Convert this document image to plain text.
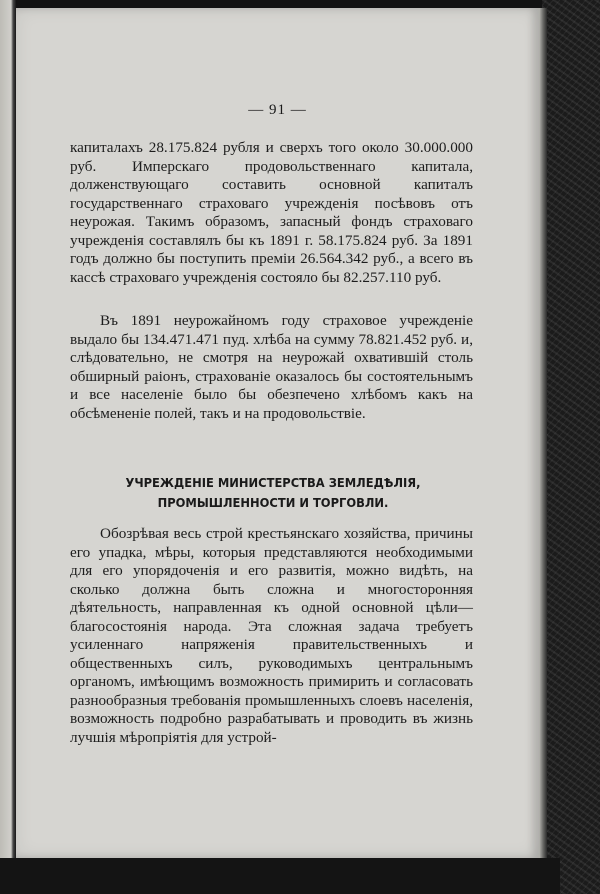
— 91 —

капиталахъ 28.175.824 рубля и сверхъ того около 30.000.000 руб. Имперскаго продовольственнаго капитала, долженствующаго составить основной капиталъ государственнаго страховаго учрежденія посѣвовъ отъ неурожая. Такимъ образомъ, запасный фондъ страховаго учрежденія составлялъ бы къ 1891 г. 58.175.824 руб. За 1891 годъ должно бы поступить преміи 26.564.342 руб., а всего въ кассѣ страховаго учрежденія состояло бы 82.257.110 руб.

Въ 1891 неурожайномъ году страховое учрежденіе выдало бы 134.471.471 пуд. хлѣба на сумму 78.821.452 руб. и, слѣдовательно, не смотря на неурожай охватившій столь обширный раіонъ, страхованіе оказалось бы состоятельнымъ и все населеніе было бы обезпечено хлѣбомъ какъ на обсѣмененіе полей, такъ и на продовольствіе.

УЧРЕЖДЕНІЕ МИНИСТЕРСТВА ЗЕМЛЕДѢЛІЯ, ПРОМЫШЛЕННОСТИ И ТОРГОВЛИ.

Обозрѣвая весь строй крестьянскаго хозяйства, причины его упадка, мѣры, которыя представляются необходимыми для его упорядоченія и его развитія, можно видѣть, на сколько должна быть сложна и многосторонняя дѣятельность, направленная къ одной основной цѣли— благосостоянія народа. Эта сложная задача требуетъ усиленнаго напряженія правительственныхъ и общественныхъ силъ, руководимыхъ центральнымъ органомъ, имѣющимъ возможность примирить и согласовать разнообразныя требованія промышленныхъ слоевъ населенія, возможность подробно разрабатывать и проводить въ жизнь лучшія мѣропріятія для устрой-
